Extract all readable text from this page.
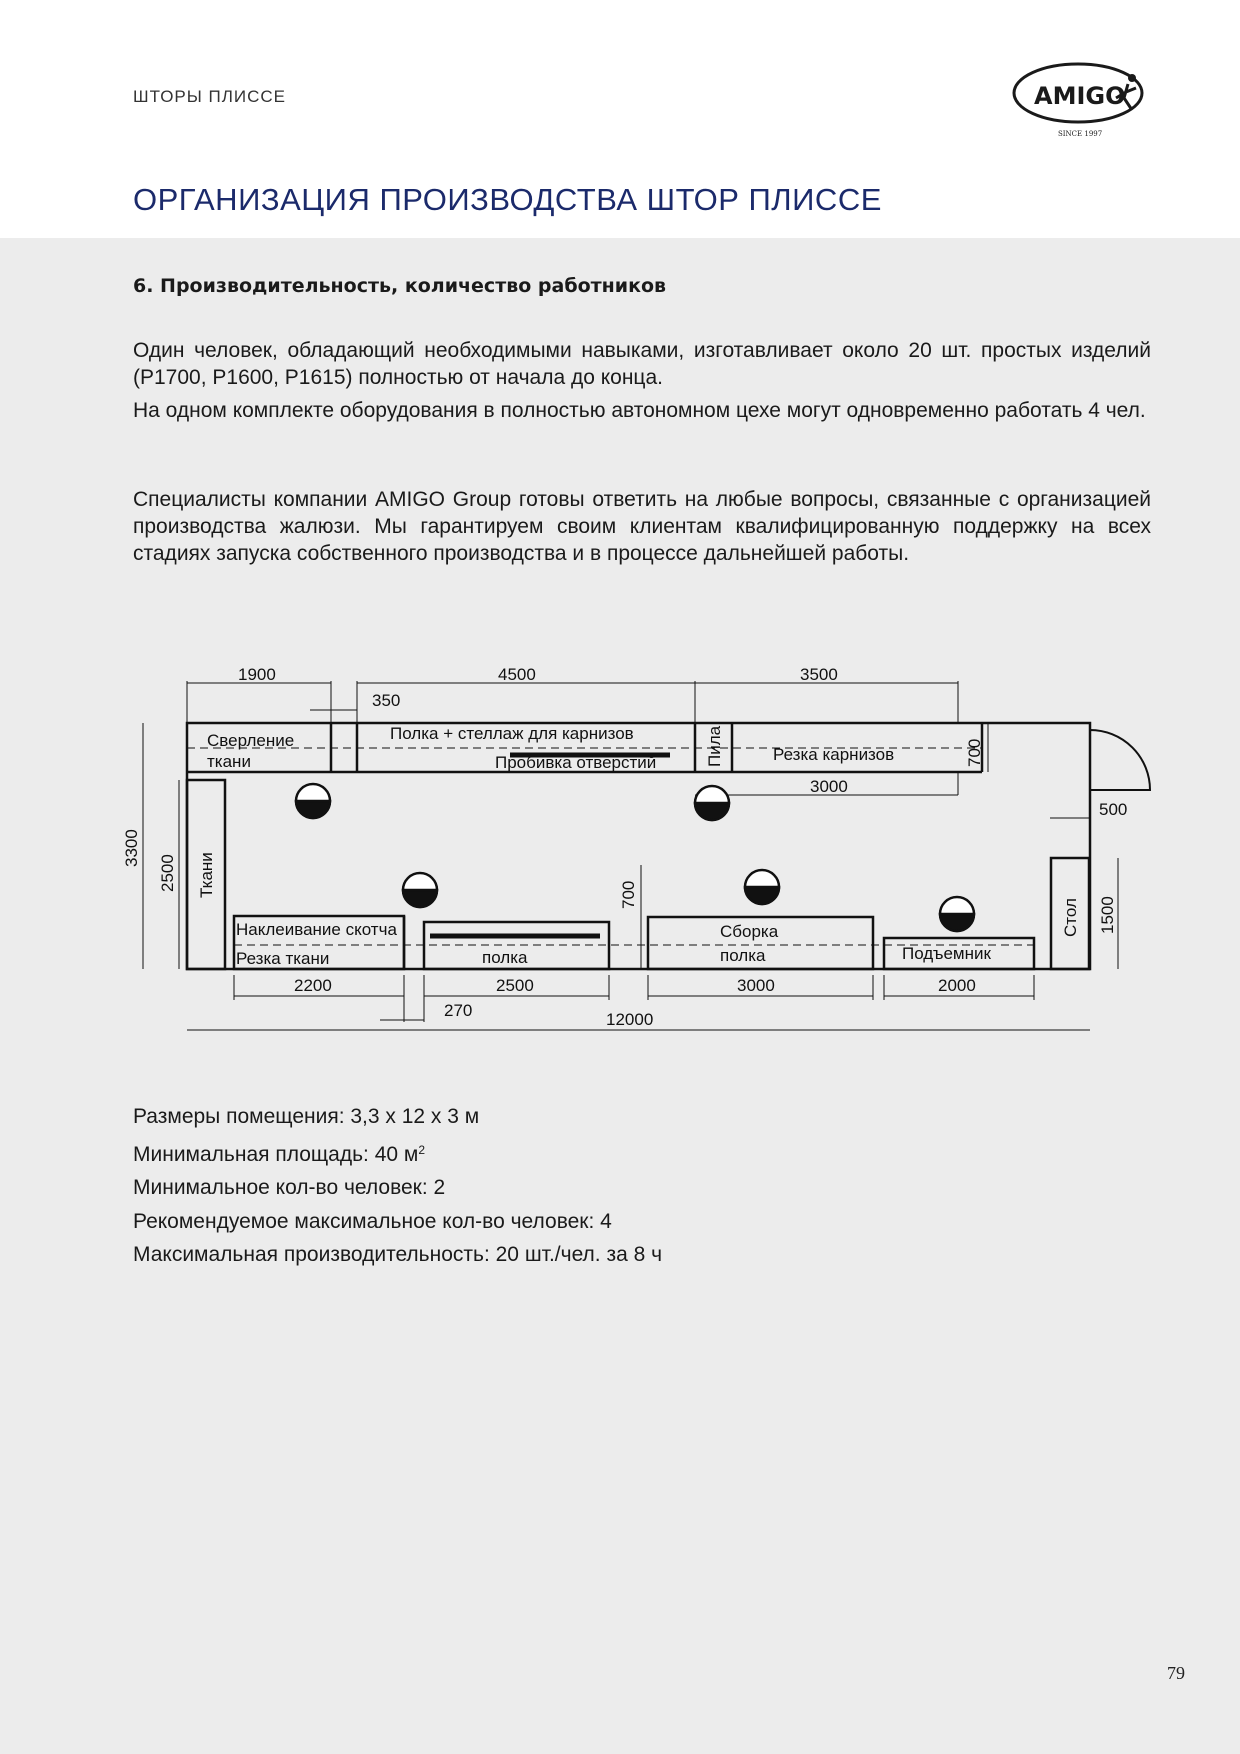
ШТОРЫ ПЛИССЕ	AMIGO
SINCE 1997
ОРГАНИЗАЦИЯ ПРОИЗВОДСТВА ШТОР ПЛИССЕ
6. Производительность, количество работников

Один человек, обладающий необходимыми навыками, изготавливает около 20 шт. простых изделий (P1700, P1600, P1615) полностью от начала до конца.

На одном комплекте оборудования в полностью автономном цехе могут одновременно работать 4 чел.

Специалисты компании AMIGO Group готовы ответить на любые вопросы, связанные с организацией производства жалюзи. Мы гарантируем своим клиентам квалифицированную поддержку на всех стадиях запуска собственного производства и в процессе дальнейшей работы.

Сверление
ткани
Полка + стеллаж для карнизов
Пробивка отверстий	Пила	Резка карнизов
Ткани
Наклеивание скотча
Резка ткани	полка
Сборка
полка	Подъемник
Стол
1900	4500	3500
350
700
3000
500
3300
2500
700
1500
2200	2500	3000	2000
270	12000
Размеры помещения: 3,3 х 12 х 3 м
Минимальная площадь: 40 $м^2$
Минимальное кол-во человек: 2
Рекомендуемое максимальное кол-во человек: 4
Максимальная производительность: 20 шт./чел. за 8 ч
79
